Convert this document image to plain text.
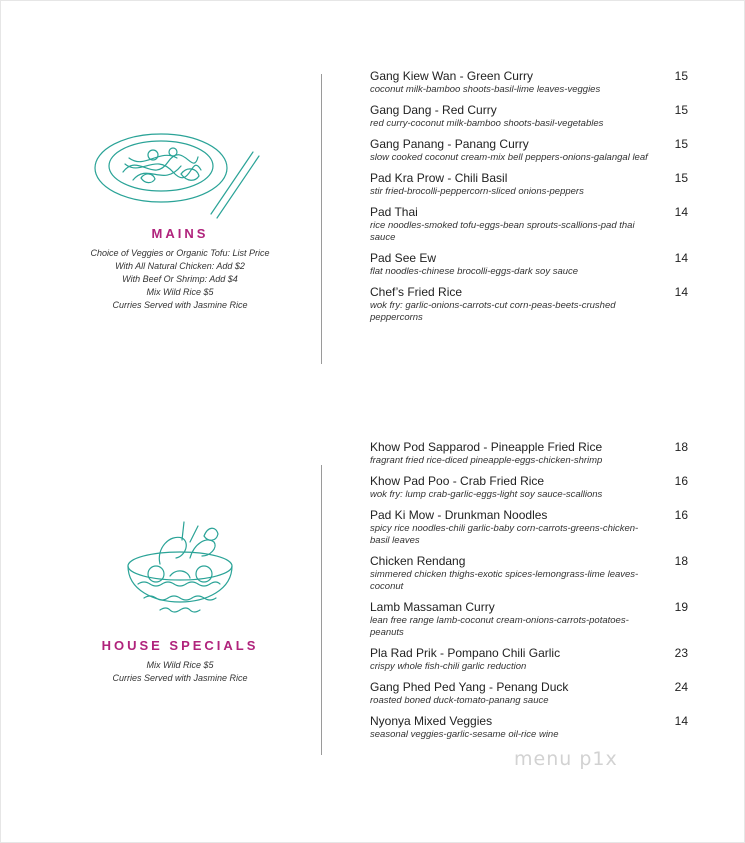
MAINS
Choice of Veggies or Organic Tofu: List Price
With All Natural Chicken: Add $2
With Beef Or Shrimp: Add $4
Mix Wild Rice $5
Curries Served with Jasmine Rice
Gang Kiew Wan - Green Curry	15
coconut milk-bamboo shoots-basil-lime leaves-veggies
Gang Dang - Red Curry	15
red curry-coconut milk-bamboo shoots-basil-vegetables
Gang Panang - Panang Curry	15
slow cooked coconut cream-mix bell peppers-onions-galangal leaf
Pad Kra Prow - Chili Basil	15
stir fried-brocolli-peppercorn-sliced onions-peppers
Pad Thai	14
rice noodles-smoked tofu-eggs-bean sprouts-scallions-pad thai sauce
Pad See Ew	14
flat noodles-chinese brocolli-eggs-dark soy sauce
Chef’s Fried Rice	14
wok fry: garlic-onions-carrots-cut corn-peas-beets-crushed peppercorns
HOUSE SPECIALS
Mix Wild Rice $5
Curries Served with Jasmine Rice
Khow Pod Sapparod - Pineapple Fried Rice	18
fragrant fried rice-diced pineapple-eggs-chicken-shrimp
Khow Pad Poo - Crab Fried Rice	16
wok fry: lump crab-garlic-eggs-light soy sauce-scallions
Pad Ki Mow - Drunkman Noodles	16
spicy rice noodles-chili garlic-baby corn-carrots-greens-chicken-basil leaves
Chicken Rendang	18
simmered chicken thighs-exotic spices-lemongrass-lime leaves-coconut
Lamb Massaman Curry	19
lean free range lamb-coconut cream-onions-carrots-potatoes-peanuts
Pla Rad Prik - Pompano Chili Garlic	23
crispy whole fish-chili garlic reduction
Gang Phed Ped Yang - Penang Duck	24
roasted boned duck-tomato-panang sauce
Nyonya Mixed Veggies	14
seasonal veggies-garlic-sesame oil-rice wine
menu p1x
